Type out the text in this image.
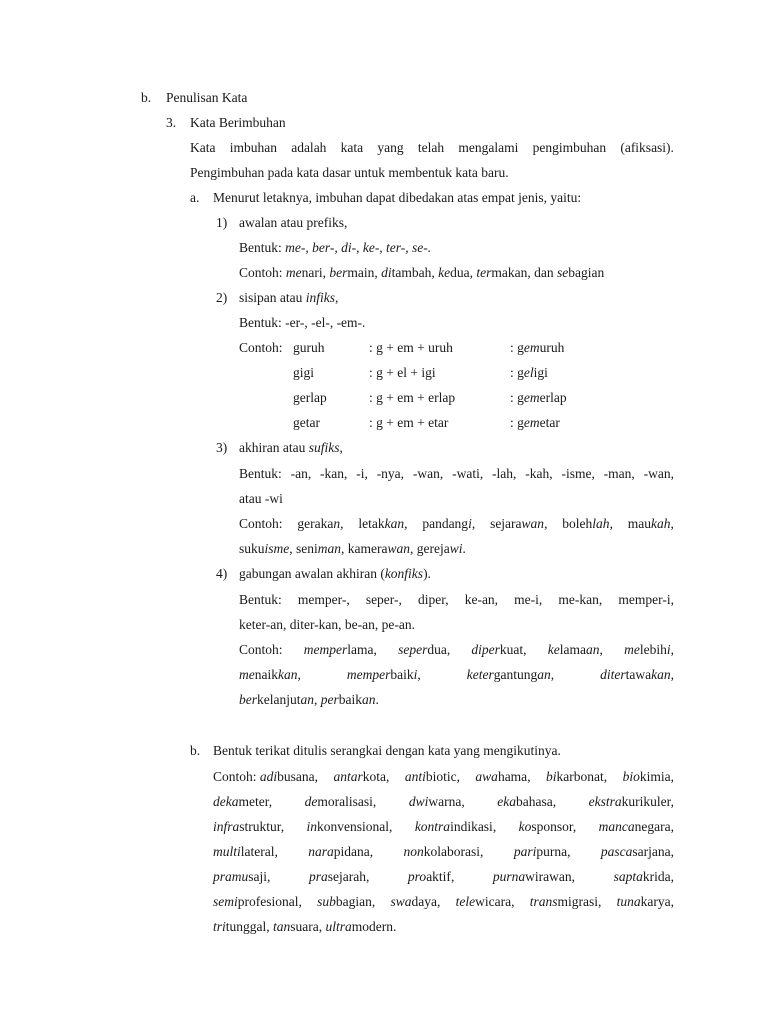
b. Penulisan Kata
3. Kata Berimbuhan
Kata imbuhan adalah kata yang telah mengalami pengimbuhan (afiksasi).
Pengimbuhan pada kata dasar untuk membentuk kata baru.
a. Menurut letaknya, imbuhan dapat dibedakan atas empat jenis, yaitu:
1) awalan atau prefiks,
Bentuk: me-, ber-, di-, ke-, ter-, se-.
Contoh: menari, bermain, ditambah, kedua, termakan, dan sebagian
2) sisipan atau infiks,
Bentuk: -er-, -el-, -em-.
Contoh: guruh	: g + em + uruh	: gemuruh
gigi	: g + el + igi	: geligi
gerlap	: g + em + erlap	: gemerlap
getar	: g + em + etar	: gemetar
3) akhiran atau sufiks,
Bentuk: -an, -kan, -i, -nya, -wan, -wati, -lah, -kah, -isme, -man, -wan,
atau -wi
Contoh: gerakan, letakkan, pandangi, sejarawan, bolehlah, maukah,
sukuisme, seniman, kamerawan, gerejawi.
4) gabungan awalan akhiran (konfiks).
Bentuk: memper-, seper-, diper, ke-an, me-i, me-kan, memper-i,
keter-an, diter-kan, be-an, pe-an.
Contoh: memperlama, seperdua, diperkuat, kelamaan, melebihi,
menaikkan,	memperbaiki,	ketergantungan,	ditertawakan,
berkelanjutan, perbaikan.
b. Bentuk terikat ditulis serangkai dengan kata yang mengikutinya.
Contoh: adibusana, antarkota, antibiotic, awahama, bikarbonat, biokimia,
dekameter, demoralisasi, dwiwarna, ekabahasa, ekstrakurikuler,
infrastruktur, inkonvensional, kontraindikasi, kosponsor, mancanegara,
multilateral, narapidana, nonkolaborasi, paripurna, pascasarjana,
pramusaji,	prasejarah,	proaktif,	purnawirawan,	saptakrida,
semiprofesional, subbagian, swadaya, telewicara, transmigrasi, tunakarya,
tritunggal, tansuara, ultramodern.
